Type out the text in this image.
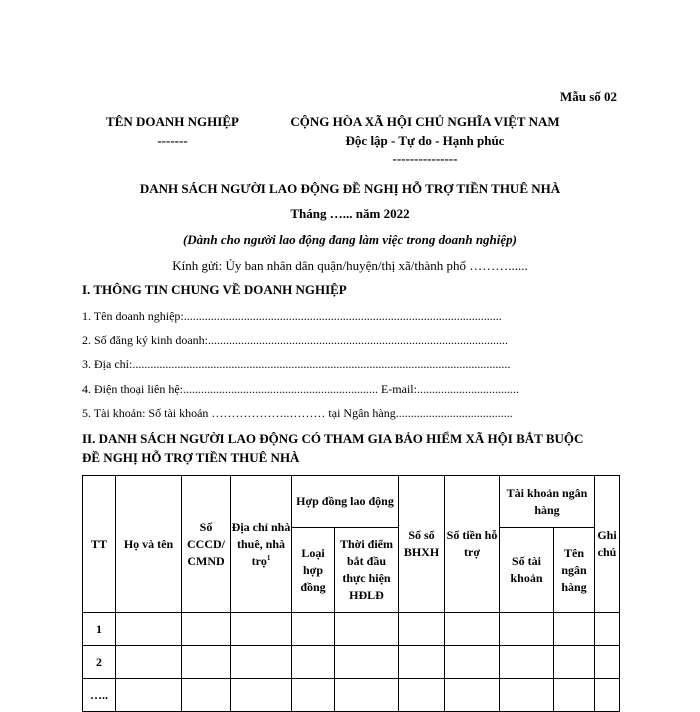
Mẫu số 02
TÊN DOANH NGHIỆP
-------
CỘNG HÒA XÃ HỘI CHỦ NGHĨA VIỆT NAM
Độc lập - Tự do - Hạnh phúc
---------------
DANH SÁCH NGƯỜI LAO ĐỘNG ĐỀ NGHỊ HỖ TRỢ TIỀN THUÊ NHÀ
Tháng …... năm 2022
(Dành cho người lao động đang làm việc trong doanh nghiệp)
Kính gửi: Ủy ban nhân dân quận/huyện/thị xã/thành phố ………......
I. THÔNG TIN CHUNG VỀ DOANH NGHIỆP
1. Tên doanh nghiệp:..........................................................................................................
2. Số đăng ký kinh doanh:....................................................................................................
3. Địa chỉ:..............................................................................................................................
4. Điện thoại liên hệ:................................................................. E-mail:..................................
5. Tài khoản: Số tài khoản ………………..……… tại Ngân hàng.......................................
II. DANH SÁCH NGƯỜI LAO ĐỘNG CÓ THAM GIA BẢO HIỂM XÃ HỘI BẮT BUỘC
ĐỀ NGHỊ HỖ TRỢ TIỀN THUÊ NHÀ
TT	Họ và tên	Số CCCD/ CMND	Địa chỉ nhà thuê, nhà trọ$^1$	Hợp đồng lao động		Số sổ BHXH	Số tiền hỗ trợ	Tài khoản ngân hàng		Ghi chú
				Loại hợp đồng	Thời điểm bắt đầu thực hiện HĐLĐ			Số tài khoản	Tên ngân hàng	
1										
2										
…..										
